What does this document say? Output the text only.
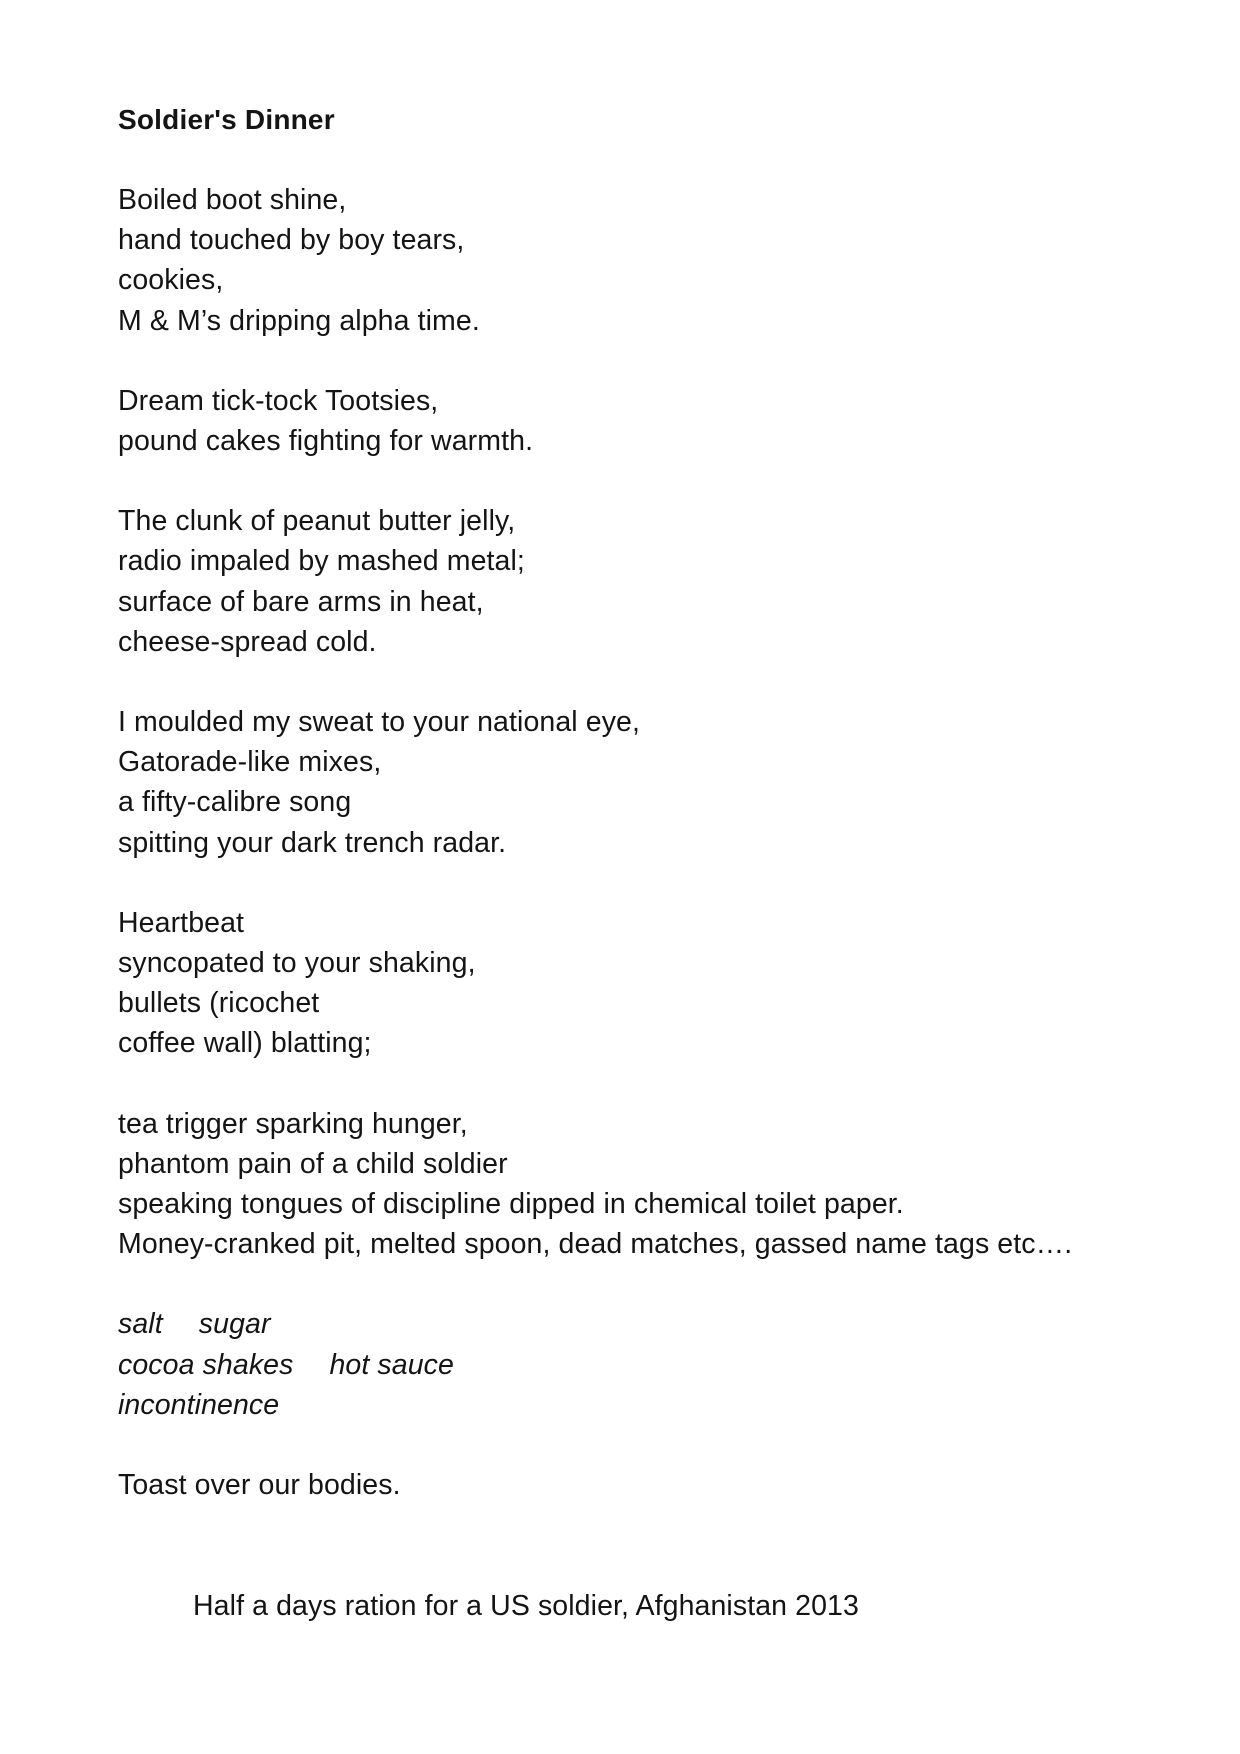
Soldier's Dinner
Boiled boot shine,
hand touched by boy tears,
cookies,
M & M’s dripping alpha time.
Dream tick-tock Tootsies,
pound cakes fighting for warmth.
The clunk of peanut butter jelly,
radio impaled by mashed metal;
surface of bare arms in heat,
cheese-spread cold.
I moulded my sweat to your national eye,
Gatorade-like mixes,
a fifty-calibre song
spitting your dark trench radar.
Heartbeat
syncopated to your shaking,
bullets (ricochet
coffee wall) blatting;
tea trigger sparking hunger,
phantom pain of a child soldier
speaking tongues of discipline dipped in chemical toilet paper.
Money-cranked pit, melted spoon, dead matches, gassed name tags etc….
salt sugar
cocoa shakes hot sauce
incontinence
Toast over our bodies.
Half a days ration for a US soldier, Afghanistan 2013
